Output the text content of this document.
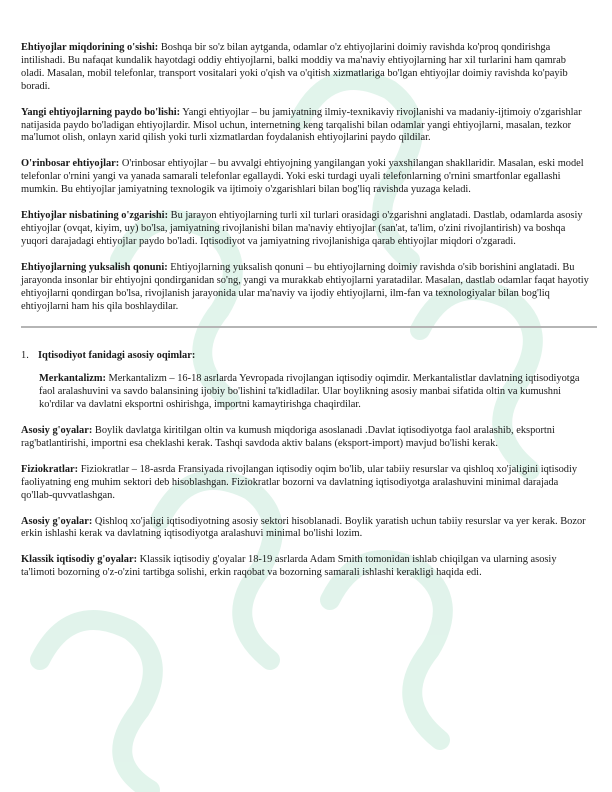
Ehtiyojlar miqdorining o'sishi: Boshqa bir so'z bilan aytganda, odamlar o'z ehtiyojlarini doimiy ravishda ko'proq qondirishga intilishadi. Bu nafaqat kundalik hayotdagi oddiy ehtiyojlarni, balki moddiy va ma'naviy ehtiyojlarning har xil turlarini ham qamrab oladi. Masalan, mobil telefonlar, transport vositalari yoki o'qish va o'qitish xizmatlariga bo'lgan ehtiyojlar doimiy ravishda ko'payib boradi.

Yangi ehtiyojlarning paydo bo'lishi: Yangi ehtiyojlar – bu jamiyatning ilmiy-texnikaviy rivojlanishi va madaniy-ijtimoiy o'zgarishlar natijasida paydo bo'ladigan ehtiyojlardir. Misol uchun, internetning keng tarqalishi bilan odamlar yangi ehtiyojlarni, masalan, tezkor ma'lumot olish, onlayn xarid qilish yoki turli xizmatlardan foydalanish ehtiyojlarini paydo qildilar.

O'rinbosar ehtiyojlar: O'rinbosar ehtiyojlar – bu avvalgi ehtiyojning yangilangan yoki yaxshilangan shakllaridir. Masalan, eski model telefonlar o'rnini yangi va yanada samarali telefonlar egallaydi. Yoki eski turdagi uyali telefonlarning o'rnini smartfonlar egallashi mumkin. Bu ehtiyojlar jamiyatning texnologik va ijtimoiy o'zgarishlari bilan bog'liq ravishda yuzaga keladi.

Ehtiyojlar nisbatining o'zgarishi: Bu jarayon ehtiyojlarning turli xil turlari orasidagi o'zgarishni anglatadi. Dastlab, odamlarda asosiy ehtiyojlar (ovqat, kiyim, uy) bo'lsa, jamiyatning rivojlanishi bilan ma'naviy ehtiyojlar (san'at, ta'lim, o'zini rivojlantirish) va boshqa yuqori darajadagi ehtiyojlar paydo bo'ladi. Iqtisodiyot va jamiyatning rivojlanishiga qarab ehtiyojlar miqdori o'zgaradi.

Ehtiyojlarning yuksalish qonuni: Ehtiyojlarning yuksalish qonuni – bu ehtiyojlarning doimiy ravishda o'sib borishini anglatadi. Bu jarayonda insonlar bir ehtiyojni qondirganidan so'ng, yangi va murakkab ehtiyojlarni yaratadilar. Masalan, dastlab odamlar faqat hayotiy ehtiyojlarni qondirgan bo'lsa, rivojlanish jarayonida ular ma'naviy va ijodiy ehtiyojlarni, ilm-fan va texnologiyalar bilan bog'liq ehtiyojlarni ham his qila boshlaydilar.

1. Iqtisodiyot fanidagi asosiy oqimlar:

Merkantalizm: Merkantalizm – 16-18 asrlarda Yevropada rivojlangan iqtisodiy oqimdir. Merkantalistlar davlatning iqtisodiyotga faol aralashuvini va savdo balansining ijobiy bo'lishini ta'kidladilar. Ular boylikning asosiy manbai sifatida oltin va kumushni ko'rdilar va davlatni eksportni oshirishga, importni kamaytirishga chaqirdilar.

Asosiy g'oyalar: Boylik davlatga kiritilgan oltin va kumush miqdoriga asoslanadi .Davlat iqtisodiyotga faol aralashib, eksportni rag'batlantirishi, importni esa cheklashi kerak. Tashqi savdoda aktiv balans (eksport-import) mavjud bo'lishi kerak.

Fiziokratlar: Fiziokratlar – 18-asrda Fransiyada rivojlangan iqtisodiy oqim bo'lib, ular tabiiy resurslar va qishloq xo'jaligini iqtisodiy faoliyatning eng muhim sektori deb hisoblashgan. Fiziokratlar bozorni va davlatning iqtisodiyotga aralashuvini minimal darajada qo'llab-quvvatlashgan.

Asosiy g'oyalar: Qishloq xo'jaligi iqtisodiyotning asosiy sektori hisoblanadi. Boylik yaratish uchun tabiiy resurslar va yer kerak. Bozor erkin ishlashi kerak va davlatning iqtisodiyotga aralashuvi minimal bo'lishi lozim.

Klassik iqtisodiy g'oyalar: Klassik iqtisodiy g'oyalar 18-19 asrlarda Adam Smith tomonidan ishlab chiqilgan va ularning asosiy ta'limoti bozorning o'z-o'zini tartibga solishi, erkin raqobat va bozorning samarali ishlashi kerakligi haqida edi.
